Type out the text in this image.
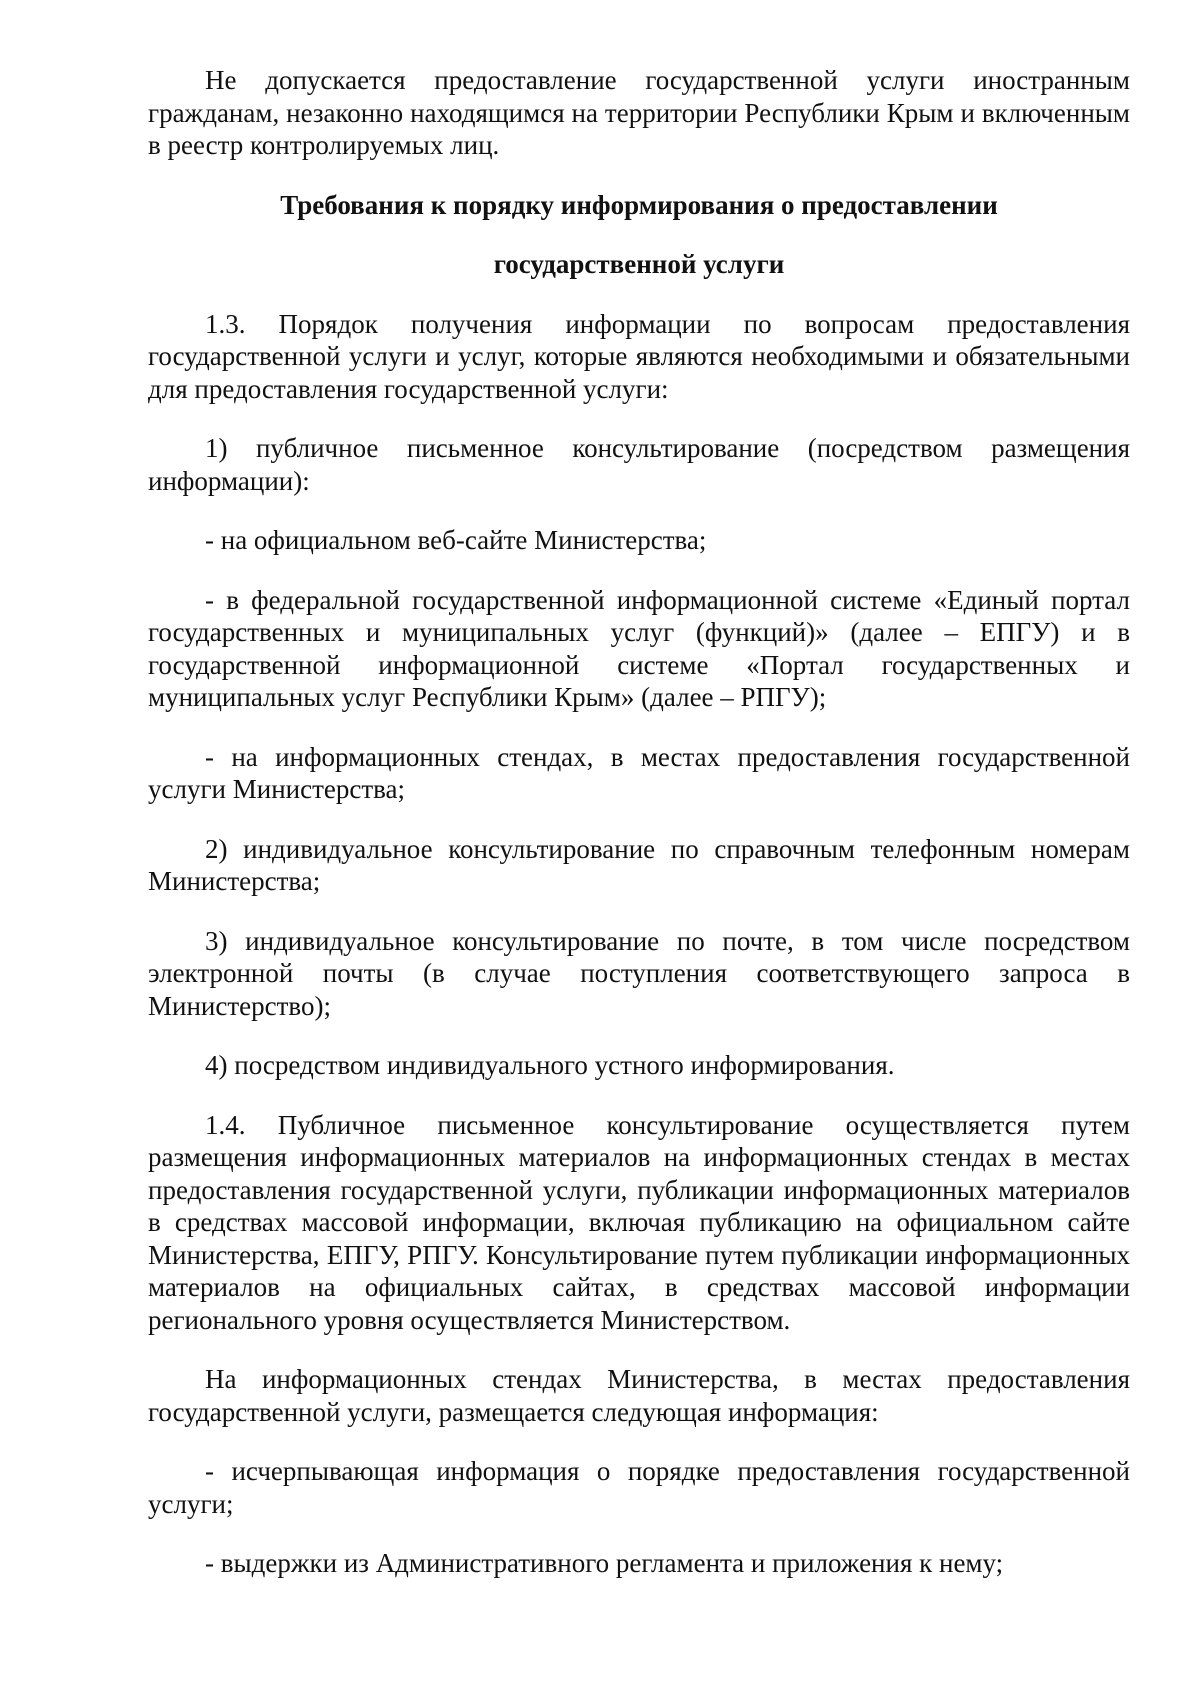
Не допускается предоставление государственной услуги иностранным гражданам, незаконно находящимся на территории Республики Крым и включенным в реестр контролируемых лиц.

Требования к порядку информирования о предоставлении

государственной услуги

1.3. Порядок получения информации по вопросам предоставления государственной услуги и услуг, которые являются необходимыми и обязательными для предоставления государственной услуги:

1) публичное письменное консультирование (посредством размещения информации):

- на официальном веб-сайте Министерства;

- в федеральной государственной информационной системе «Единый портал государственных и муниципальных услуг (функций)» (далее – ЕПГУ) и в государственной информационной системе «Портал государственных и муниципальных услуг Республики Крым» (далее – РПГУ);

- на информационных стендах, в местах предоставления государственной услуги Министерства;

2) индивидуальное консультирование по справочным телефонным номерам Министерства;

3) индивидуальное консультирование по почте, в том числе посредством электронной почты (в случае поступления соответствующего запроса в Министерство);

4) посредством индивидуального устного информирования.

1.4. Публичное письменное консультирование осуществляется путем размещения информационных материалов на информационных стендах в местах предоставления государственной услуги, публикации информационных материалов в средствах массовой информации, включая публикацию на официальном сайте Министерства, ЕПГУ, РПГУ. Консультирование путем публикации информационных материалов на официальных сайтах, в средствах массовой информации регионального уровня осуществляется Министерством.

На информационных стендах Министерства, в местах предоставления государственной услуги, размещается следующая информация:

- исчерпывающая информация о порядке предоставления государственной услуги;

- выдержки из Административного регламента и приложения к нему;
